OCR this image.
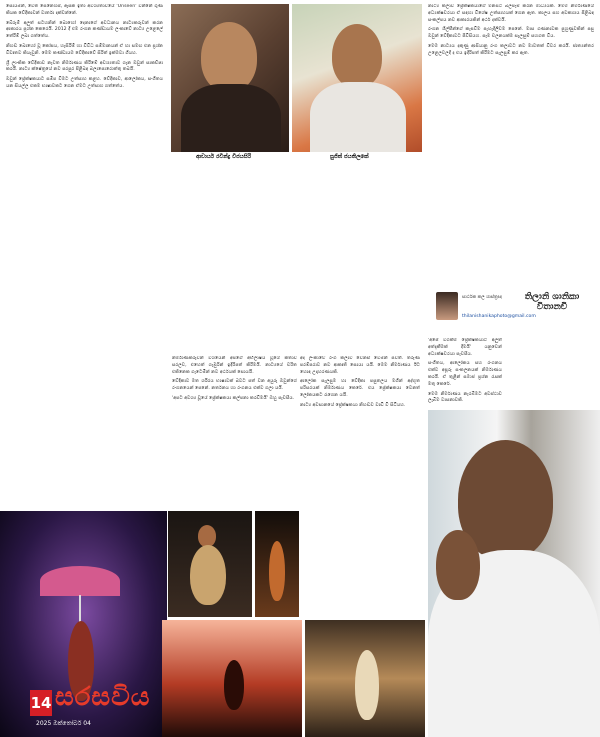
සොයමින්, වෙත සෙනෙහස්, ඇසක ඉතා අවශ්‍යතාවයේ 'Unseen' වන්නේ ගුණ කියක වේදිකාවන් වාර්තා දක්වන්නේ.

බේරුම් අලුත් සටහනින් බොහෝ දෙනාගේ අවධානය නාට්‍යකරුවන් කරන ආකාරය ප්‍රශ්න කෙරෙයි. 2012 දී එම රංගන කණ්ඩායම ලංකාවේ නාට්‍ය උළෙලේ තේරීම් ලබා ගත්තේය.

නිහඬ බොහෝ වූ කෝපය, හැසිරීම් හා විවිධ සම්මානයන් ඒ හා සමඟ එන ප්‍රශ්න විවෘතව කියැවුනි. මෙම කණ්ඩායම වේදිකාවේ සිරිත් ඉක්මවා ගියහ.

ශ්‍රී ලාංකික වේදිකාව නැවත නිර්මාණය කිරීමේ අවශ්‍යතාව ගැන ඔවුන් සාකච්ඡා කරයි. නාට්‍ය ක්ෂේත්‍රයේ නව පරපුර පිළිබඳ බලාපොරොත්තු තබයි.

ඔවුන් ප්‍රේක්ෂකයාට සමීප වීමට උත්සාහ කළහ. වේදිකාව, ආලෝකය, සංගීතය යන සියල්ල එකම භාෂාවකට ගෙන ඒමට උත්සාහ ගත්තේය.

ආචාර්ය රවීන්ද්‍ර විජයසිරි	සුජිත් ජයතිලකේ

නිර්මාණකරුවන් වශයෙන් අපගේ අභිලාෂය වූයේ කතාව සරලව, එහෙත් ගැඹුරින් ඉදිරිපත් කිරීමයි. නාට්‍යයේ චරිත එකිනෙක ගැටෙමින් නව අර්ථයක් සොයයි.

වේදිකාව මත ශරීරය භාෂාවක් බවට පත් වන අයුරු ඔවුන්ගේ රංගනයෙන් පෙනේ. නර්තනය හා රංගනය එක්ව ගලා යයි.

'අපට අවශ්‍ය වූයේ ප්‍රේක්ෂකයා කල්පනා කරවීමයි' ඔහු පැවසීය.

අද ලංකාවේ රංග කලාව වෙනස් වෙමින් පවතී. තරුණ පරම්පරාව නව ආකෘති සොයා යයි. මෙම නිර්මාණය ඊට හොඳ උදාහරණයකි.

ආලෝක සැලසුම හා වේදිකා පසුතලය මගින් අද්භූත පරිසරයක් නිර්මාණය කෙරේ. එය ප්‍රේක්ෂකයා වෙනත් ලෝකයකට රැගෙන යයි.

නාට්‍ය අවසානයේ ප්‍රේක්ෂකයා නිහඬව වාඩි වී සිටියහ.

නාට්‍ය කලාව ප්‍රේක්ෂකයාගේ මනසට බලපෑම් කරන මාධ්‍යයකි. මෙම නිර්මාණයේ අධ්‍යක්ෂවරයා ඒ සඳහා විශේෂ උත්සාහයක් ගෙන ඇත. කාලය සහ අවකාශය පිළිබඳ සංකල්පය නව ආකාරයකින් අර්ථ දක්වයි.

රංගන ශිල්පීන්ගේ කැපවීම පැහැදිලිවම පෙනේ. මාස ගණනාවක පුහුණුවකින් පසු ඔවුන් වේදිකාවට පිවිසියහ. සෑම චලනයක්ම සැලසුම් සහගත විය.

මෙම නාට්‍යය දකුණු ආසියානු රංග කලාවට නව මාවතක් විවර කරයි. ජාත්‍යන්තර උළෙලවලදී ද එය ඉදිරිපත් කිරීමට සැලසුම් කර ඇත.

සාර්ථක කල ශාස්ත්‍රඥ	තිලානි ශානිකා විතානචි
thilanishanikaphoto@gmail.com

'අපේ වගකීම ප්‍රේක්ෂකයාට අලුත් අත්දැකීමක් දීමයි' යනුවෙන් අධ්‍යක්ෂවරයා පැවසීය.

සංගීතය, ආලෝකය සහ රංගනය එක්ව අපූරු සංකලනයක් නිර්මාණය කරයි. ඒ තුළින් සමාජ ප්‍රශ්න රැසක් මතු කෙරේ.

මෙම නිර්මාණය නැරඹීමට අවස්ථාව ලැබීම වාසනාවකි.

14 සරසවිය
2025 ඔක්තෝබර් 04
